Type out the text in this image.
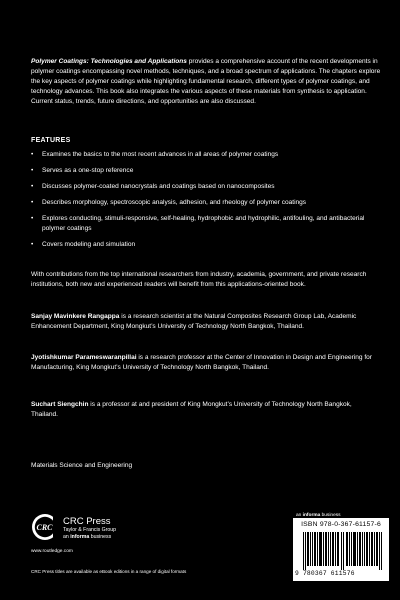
Polymer Coatings: Technologies and Applications provides a comprehensive account of the recent developments in polymer coatings encompassing novel methods, techniques, and a broad spectrum of applications. The chapters explore the key aspects of polymer coatings while highlighting fundamental research, different types of polymer coatings, and technology advances. This book also integrates the various aspects of these materials from synthesis to application. Current status, trends, future directions, and opportunities are also discussed.
FEATURES
• Examines the basics to the most recent advances in all areas of polymer coatings
• Serves as a one-stop reference
• Discusses polymer-coated nanocrystals and coatings based on nanocomposites
• Describes morphology, spectroscopic analysis, adhesion, and rheology of polymer coatings
• Explores conducting, stimuli-responsive, self-healing, hydrophobic and hydrophilic, antifouling, and antibacterial polymer coatings
• Covers modeling and simulation
With contributions from the top international researchers from industry, academia, government, and private research institutions, both new and experienced readers will benefit from this applications-oriented book.
Sanjay Mavinkere Rangappa is a research scientist at the Natural Composites Research Group Lab, Academic Enhancement Department, King Mongkut’s University of Technology North Bangkok, Thailand.
Jyotishkumar Parameswaranpillai is a research professor at the Center of Innovation in Design and Engineering for Manufacturing, King Mongkut’s University of Technology North Bangkok, Thailand.
Suchart Siengchin is a professor at and president of King Mongkut’s University of Technology North Bangkok, Thailand.
Materials Science and Engineering
CRC
CRC Press
Taylor & Francis Group
an informa business
www.routledge.com
CRC Press titles are available as eBook editions in a range of digital formats
an informa business
ISBN 978-0-367-61157-6
9 780367 611576
